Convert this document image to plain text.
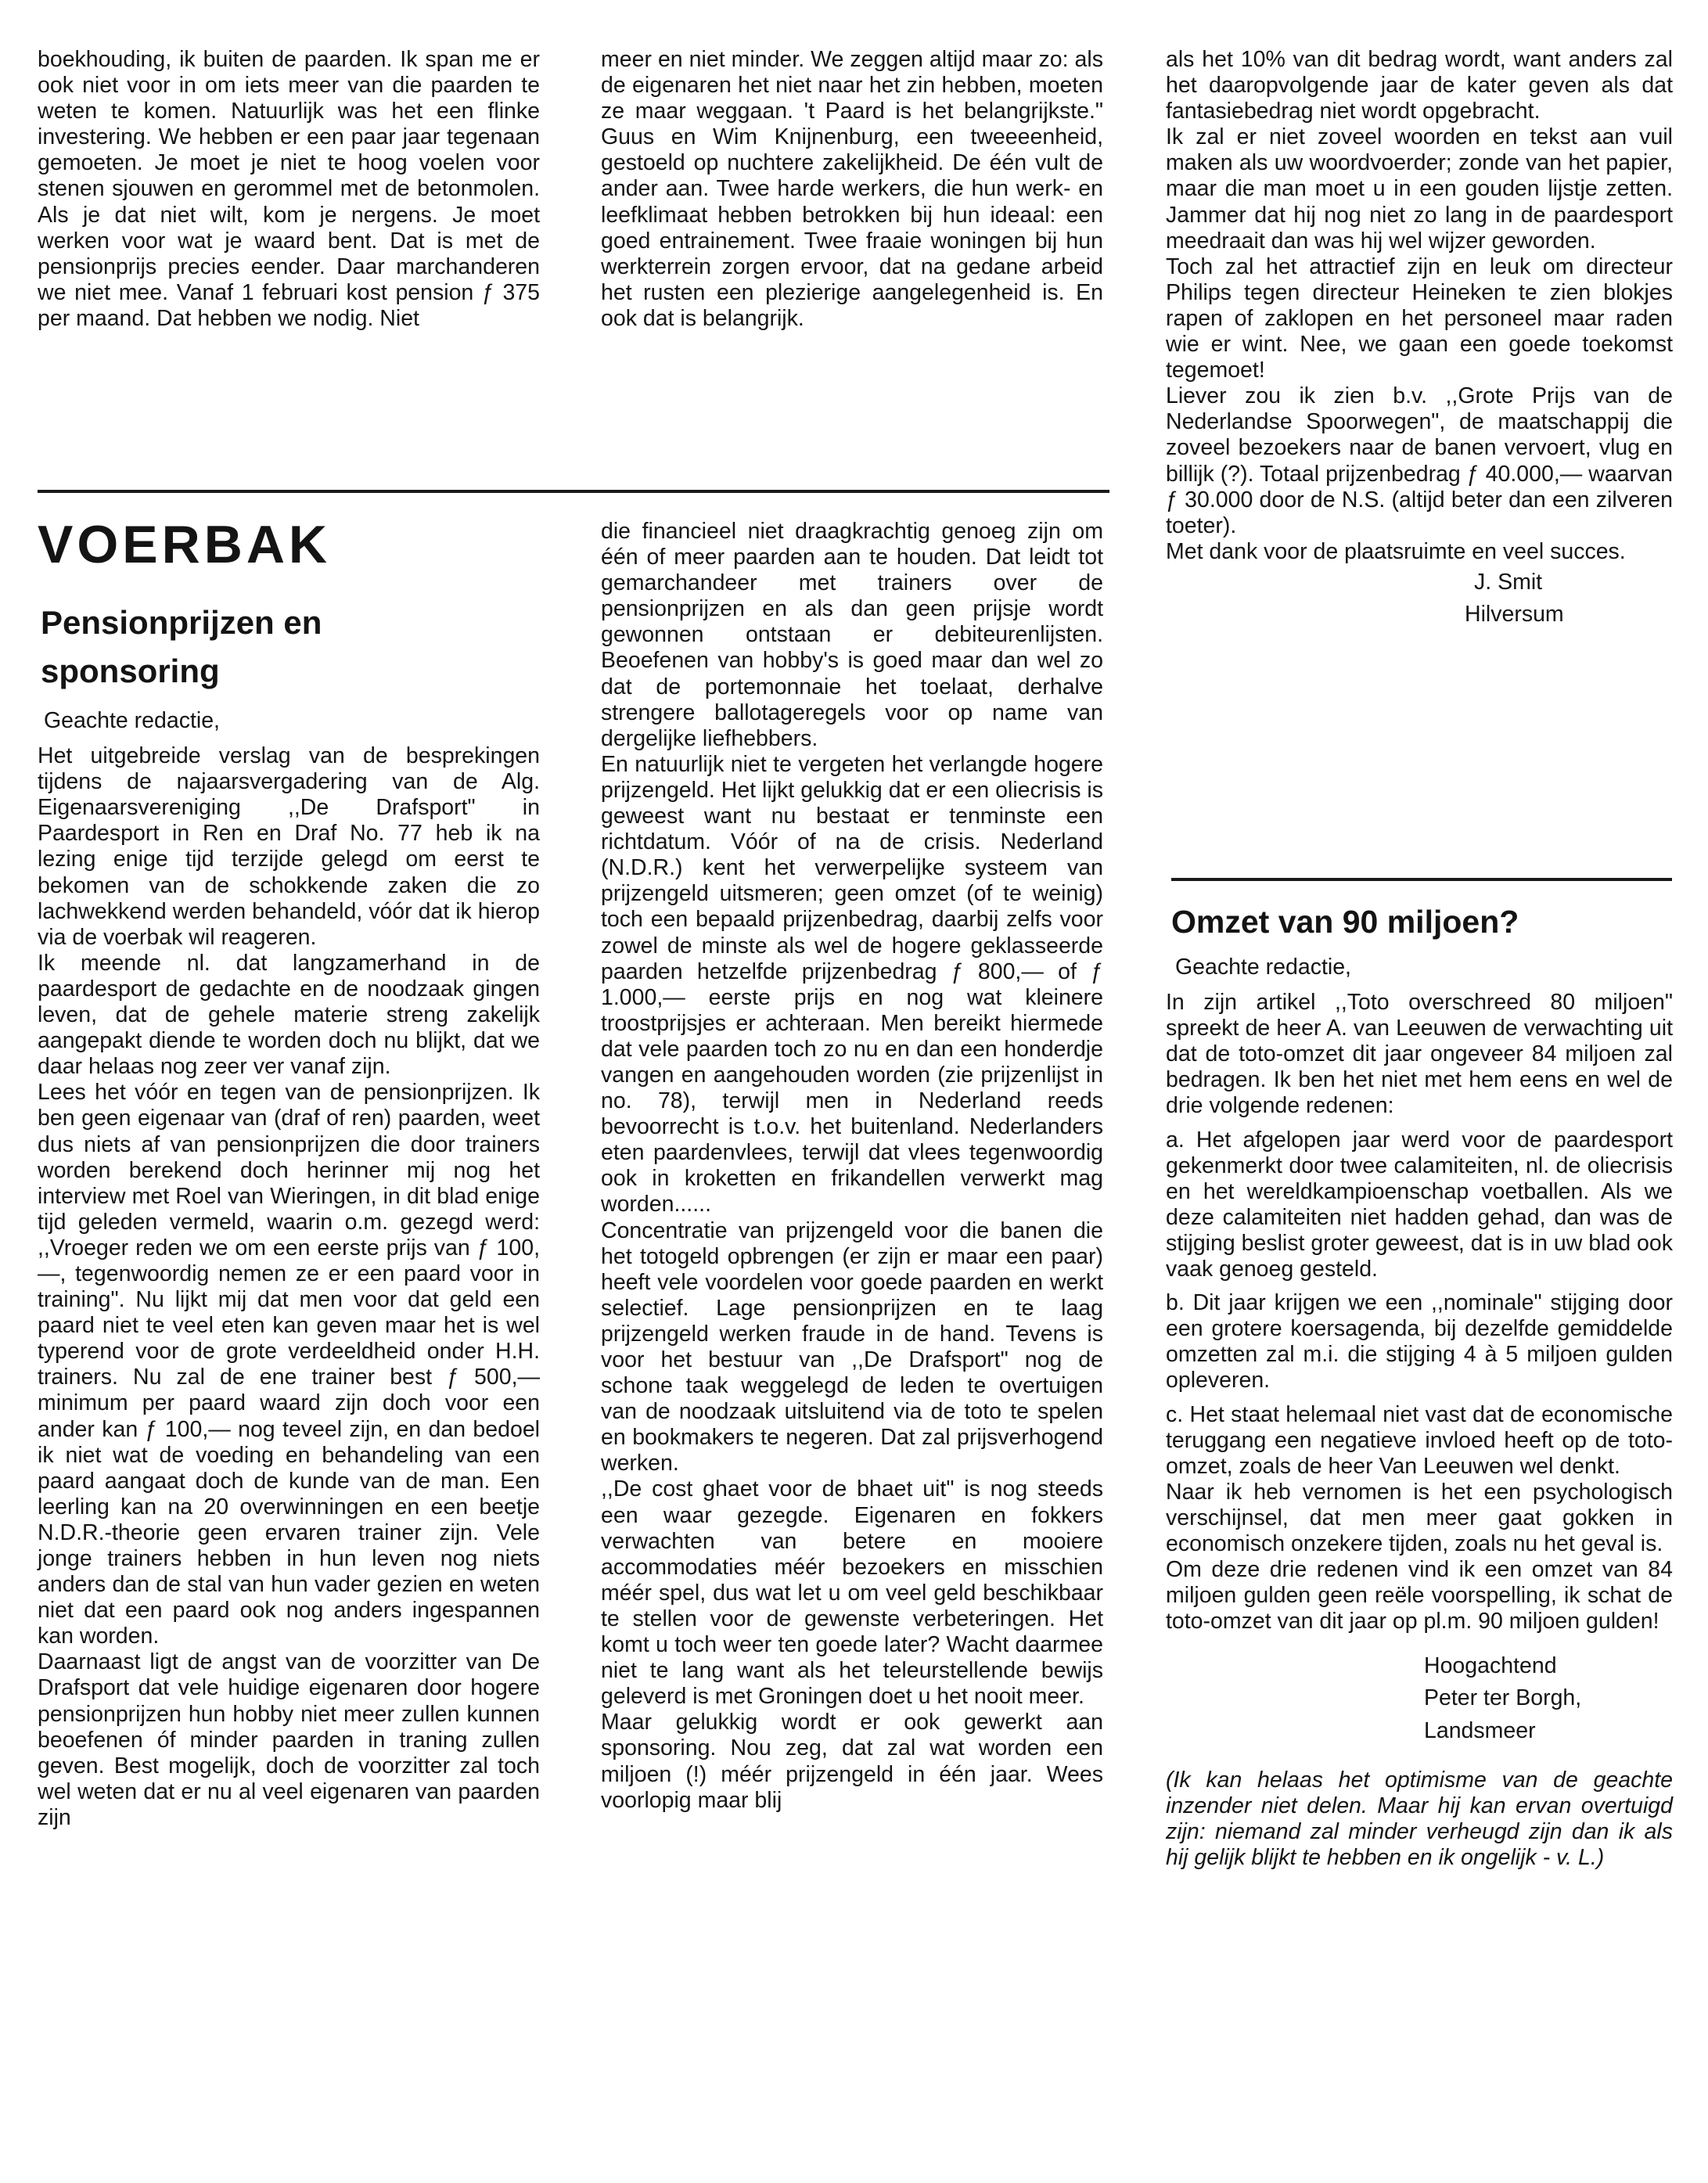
boekhouding, ik buiten de paarden. Ik span me er ook niet voor in om iets meer van die paarden te weten te komen. Natuurlijk was het een flinke investering. We hebben er een paar jaar tegenaan gemoeten. Je moet je niet te hoog voelen voor stenen sjouwen en gerommel met de betonmolen. Als je dat niet wilt, kom je nergens. Je moet werken voor wat je waard bent. Dat is met de pensionprijs precies eender. Daar marchanderen we niet mee. Vanaf 1 februari kost pension ƒ 375 per maand. Dat hebben we nodig. Niet

meer en niet minder. We zeggen altijd maar zo: als de eigenaren het niet naar het zin hebben, moeten ze maar weggaan. 't Paard is het belangrijkste." Guus en Wim Knijnenburg, een tweeeenheid, gestoeld op nuchtere zakelijkheid. De één vult de ander aan. Twee harde werkers, die hun werk- en leefklimaat hebben betrokken bij hun ideaal: een goed entrainement. Twee fraaie woningen bij hun werkterrein zorgen ervoor, dat na gedane arbeid het rusten een plezierige aangelegenheid is. En ook dat is belangrijk.

VOERBAK
Pensionprijzen en sponsoring

Geachte redactie,

Het uitgebreide verslag van de besprekingen tijdens de najaarsvergadering van de Alg. Eigenaarsvereniging ,,De Drafsport" in Paardesport in Ren en Draf No. 77 heb ik na lezing enige tijd terzijde gelegd om eerst te bekomen van de schokkende zaken die zo lachwekkend werden behandeld, vóór dat ik hierop via de voerbak wil reageren.

Ik meende nl. dat langzamerhand in de paardesport de gedachte en de noodzaak gingen leven, dat de gehele materie streng zakelijk aangepakt diende te worden doch nu blijkt, dat we daar helaas nog zeer ver vanaf zijn.

Lees het vóór en tegen van de pensionprijzen. Ik ben geen eigenaar van (draf of ren) paarden, weet dus niets af van pensionprijzen die door trainers worden berekend doch herinner mij nog het interview met Roel van Wieringen, in dit blad enige tijd geleden vermeld, waarin o.m. gezegd werd: ,,Vroeger reden we om een eerste prijs van ƒ 100,—, tegenwoordig nemen ze er een paard voor in training". Nu lijkt mij dat men voor dat geld een paard niet te veel eten kan geven maar het is wel typerend voor de grote verdeeldheid onder H.H. trainers. Nu zal de ene trainer best ƒ 500,— minimum per paard waard zijn doch voor een ander kan ƒ 100,— nog teveel zijn, en dan bedoel ik niet wat de voeding en behandeling van een paard aangaat doch de kunde van de man. Een leerling kan na 20 overwinningen en een beetje N.D.R.-theorie geen ervaren trainer zijn. Vele jonge trainers hebben in hun leven nog niets anders dan de stal van hun vader gezien en weten niet dat een paard ook nog anders ingespannen kan worden.

Daarnaast ligt de angst van de voorzitter van De Drafsport dat vele huidige eigenaren door hogere pensionprijzen hun hobby niet meer zullen kunnen beoefenen óf minder paarden in traning zullen geven. Best mogelijk, doch de voorzitter zal toch wel weten dat er nu al veel eigenaren van paarden zijn

die financieel niet draagkrachtig genoeg zijn om één of meer paarden aan te houden. Dat leidt tot gemarchandeer met trainers over de pensionprijzen en als dan geen prijsje wordt gewonnen ontstaan er debiteurenlijsten. Beoefenen van hobby's is goed maar dan wel zo dat de portemonnaie het toelaat, derhalve strengere ballotageregels voor op name van dergelijke liefhebbers.

En natuurlijk niet te vergeten het verlangde hogere prijzengeld. Het lijkt gelukkig dat er een oliecrisis is geweest want nu bestaat er tenminste een richtdatum. Vóór of na de crisis. Nederland (N.D.R.) kent het verwerpelijke systeem van prijzengeld uitsmeren; geen omzet (of te weinig) toch een bepaald prijzenbedrag, daarbij zelfs voor zowel de minste als wel de hogere geklasseerde paarden hetzelfde prijzenbedrag ƒ 800,— of ƒ 1.000,— eerste prijs en nog wat kleinere troostprijsjes er achteraan. Men bereikt hiermede dat vele paarden toch zo nu en dan een honderdje vangen en aangehouden worden (zie prijzenlijst in no. 78), terwijl men in Nederland reeds bevoorrecht is t.o.v. het buitenland. Nederlanders eten paardenvlees, terwijl dat vlees tegenwoordig ook in kroketten en frikandellen verwerkt mag worden......

Concentratie van prijzengeld voor die banen die het totogeld opbrengen (er zijn er maar een paar) heeft vele voordelen voor goede paarden en werkt selectief. Lage pensionprijzen en te laag prijzengeld werken fraude in de hand. Tevens is voor het bestuur van ,,De Drafsport" nog de schone taak weggelegd de leden te overtuigen van de noodzaak uitsluitend via de toto te spelen en bookmakers te negeren. Dat zal prijsverhogend werken.

,,De cost ghaet voor de bhaet uit" is nog steeds een waar gezegde. Eigenaren en fokkers verwachten van betere en mooiere accommodaties méér bezoekers en misschien méér spel, dus wat let u om veel geld beschikbaar te stellen voor de gewenste verbeteringen. Het komt u toch weer ten goede later? Wacht daarmee niet te lang want als het teleurstellende bewijs geleverd is met Groningen doet u het nooit meer.

Maar gelukkig wordt er ook gewerkt aan sponsoring. Nou zeg, dat zal wat worden een miljoen (!) méér prijzengeld in één jaar. Wees voorlopig maar blij

als het 10% van dit bedrag wordt, want anders zal het daaropvolgende jaar de kater geven als dat fantasiebedrag niet wordt opgebracht.

Ik zal er niet zoveel woorden en tekst aan vuil maken als uw woordvoerder; zonde van het papier, maar die man moet u in een gouden lijstje zetten. Jammer dat hij nog niet zo lang in de paardesport meedraait dan was hij wel wijzer geworden.

Toch zal het attractief zijn en leuk om directeur Philips tegen directeur Heineken te zien blokjes rapen of zaklopen en het personeel maar raden wie er wint. Nee, we gaan een goede toekomst tegemoet!

Liever zou ik zien b.v. ,,Grote Prijs van de Nederlandse Spoorwegen", de maatschappij die zoveel bezoekers naar de banen vervoert, vlug en billijk (?). Totaal prijzenbedrag ƒ 40.000,— waarvan ƒ 30.000 door de N.S. (altijd beter dan een zilveren toeter).

Met dank voor de plaatsruimte en veel succes.

J. Smit

Hilversum

Omzet van 90 miljoen?

Geachte redactie,

In zijn artikel ,,Toto overschreed 80 miljoen" spreekt de heer A. van Leeuwen de verwachting uit dat de toto-omzet dit jaar ongeveer 84 miljoen zal bedragen. Ik ben het niet met hem eens en wel de drie volgende redenen:

a. Het afgelopen jaar werd voor de paardesport gekenmerkt door twee calamiteiten, nl. de oliecrisis en het wereldkampioenschap voetballen. Als we deze calamiteiten niet hadden gehad, dan was de stijging beslist groter geweest, dat is in uw blad ook vaak genoeg gesteld.

b. Dit jaar krijgen we een ,,nominale" stijging door een grotere koersagenda, bij dezelfde gemiddelde omzetten zal m.i. die stijging 4 à 5 miljoen gulden opleveren.

c. Het staat helemaal niet vast dat de economische teruggang een negatieve invloed heeft op de toto-omzet, zoals de heer Van Leeuwen wel denkt.

Naar ik heb vernomen is het een psychologisch verschijnsel, dat men meer gaat gokken in economisch onzekere tijden, zoals nu het geval is.

Om deze drie redenen vind ik een omzet van 84 miljoen gulden geen reële voorspelling, ik schat de toto-omzet van dit jaar op pl.m. 90 miljoen gulden!

Hoogachtend

Peter ter Borgh,

Landsmeer

(Ik kan helaas het optimisme van de geachte inzender niet delen. Maar hij kan ervan overtuigd zijn: niemand zal minder verheugd zijn dan ik als hij gelijk blijkt te hebben en ik ongelijk - v. L.)
